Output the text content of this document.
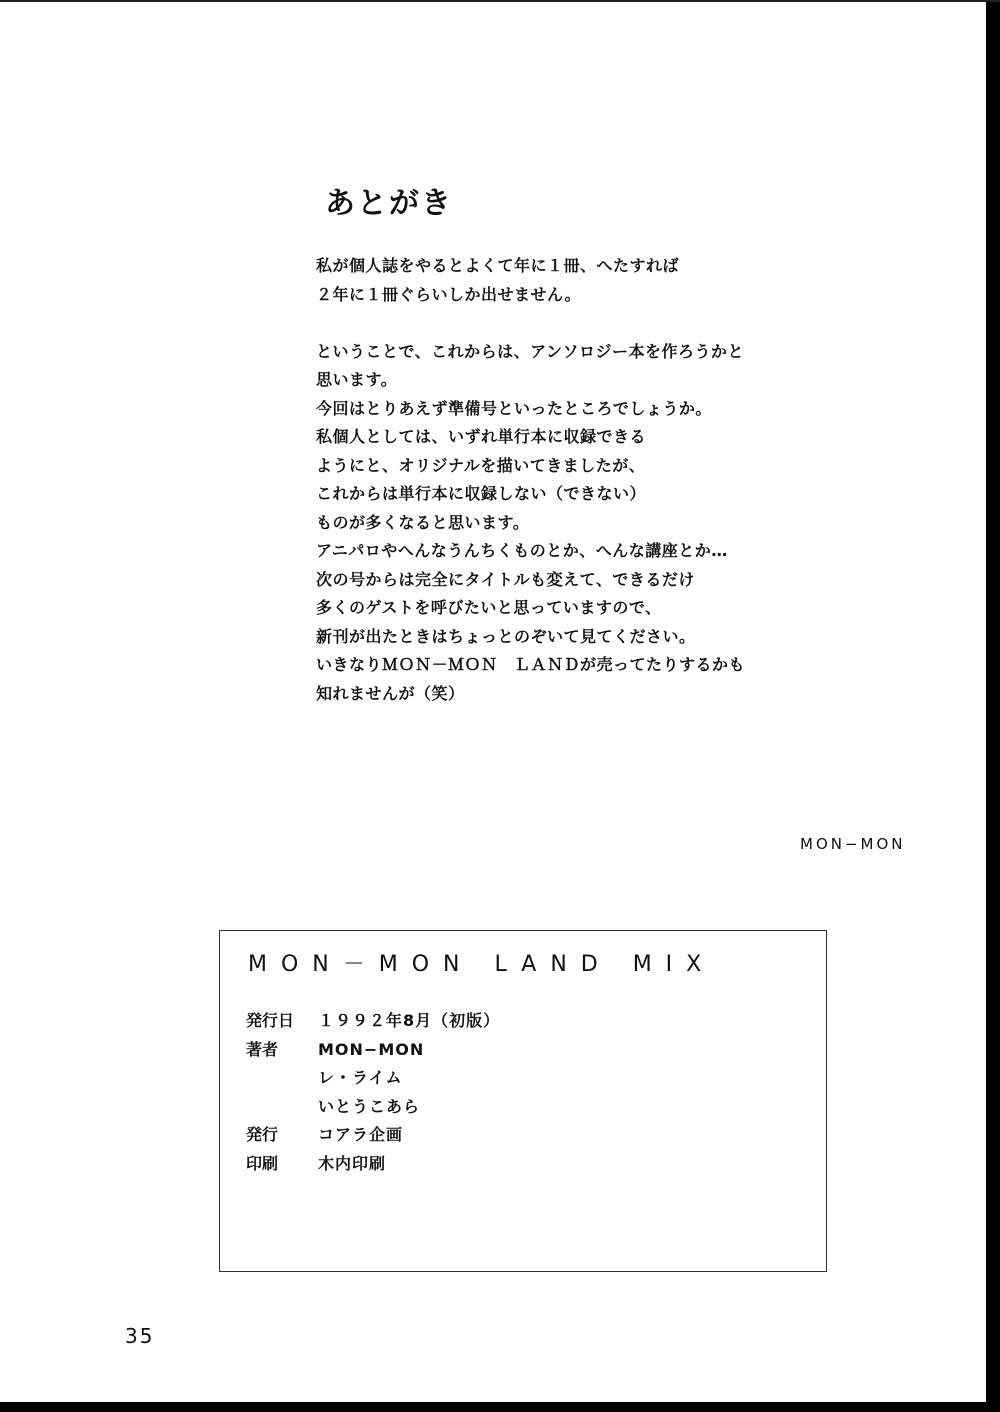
あとがき
私が個人誌をやるとよくて年に１冊、へたすれば
２年に１冊ぐらいしか出せません。
ということで、これからは、アンソロジー本を作ろうかと
思います。
今回はとりあえず準備号といったところでしょうか。
私個人としては、いずれ単行本に収録できる
ようにと、オリジナルを描いてきましたが、
これからは単行本に収録しない（できない）
ものが多くなると思います。
アニパロやへんなうんちくものとか、へんな講座とか…
次の号からは完全にタイトルも変えて、できるだけ
多くのゲストを呼びたいと思っていますので、
新刊が出たときはちょっとのぞいて見てください。
いきなりＭＯＮ－ＭＯＮ　ＬＡＮＤが売ってたりするかも
知れませんが（笑）
MON−MON
MON－MON LAND MIX
発行日	１９９２年8月（初版）
著者	MON−MON
レ・ライム
いとうこあら
発行	コアラ企画
印刷	木内印刷
35
